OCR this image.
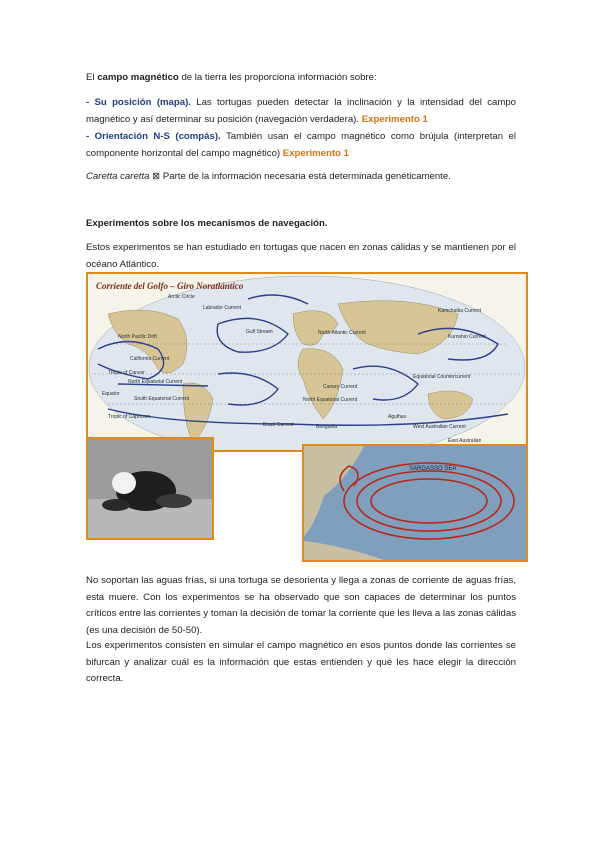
El campo magnético de la tierra les proporciona información sobre:
- Su posición (mapa). Las tortugas pueden detectar la inclinación y la intensidad del campo magnético y así determinar su posición (navegación verdadera). Experimento 1
- Orientación N-S (compás). También usan el campo magnético como brújula (interpretan el componente horizontal del campo magnético) Experimento 1
Caretta caretta ⊠ Parte de la información necesaria está determinada genéticamente.
Experimentos sobre los mecanismos de navegación.
Estos experimentos se han estudiado en tortugas que nacen en zonas cálidas y se mantienen por el océano Atlántico.
Corriente del Golfo – Giro Noratlántico
Arctic Circle
Labrador Current
North Pacific Drift
Gulf Stream
California Current
Tropic of Cancer
North Equatorial Current
Equator
South Equatorial Current
Tropic of Capricorn
North Atlantic Current
Canary Current
North Equatorial Current
Brazil Current	Benguela
Equatorial Countercurrent
Kamchatka Current
Kuroshio Current
Agulhas
West Australian Current
East Australian
SARGASSO SEA
No soportan las aguas frías, si una tortuga se desorienta y llega a zonas de corriente de aguas frías, esta muere. Con los experimentos se ha observado que son capaces de determinar los puntos críticos entre las corrientes y toman la decisión de tomar la corriente que les lleva a las zonas cálidas (es una decisión de 50-50).
Los experimentos consisten en simular el campo magnético en esos puntos donde las corrientes se bifurcan y analizar cuál es la información que estas entienden y qué les hace elegir la dirección correcta.
